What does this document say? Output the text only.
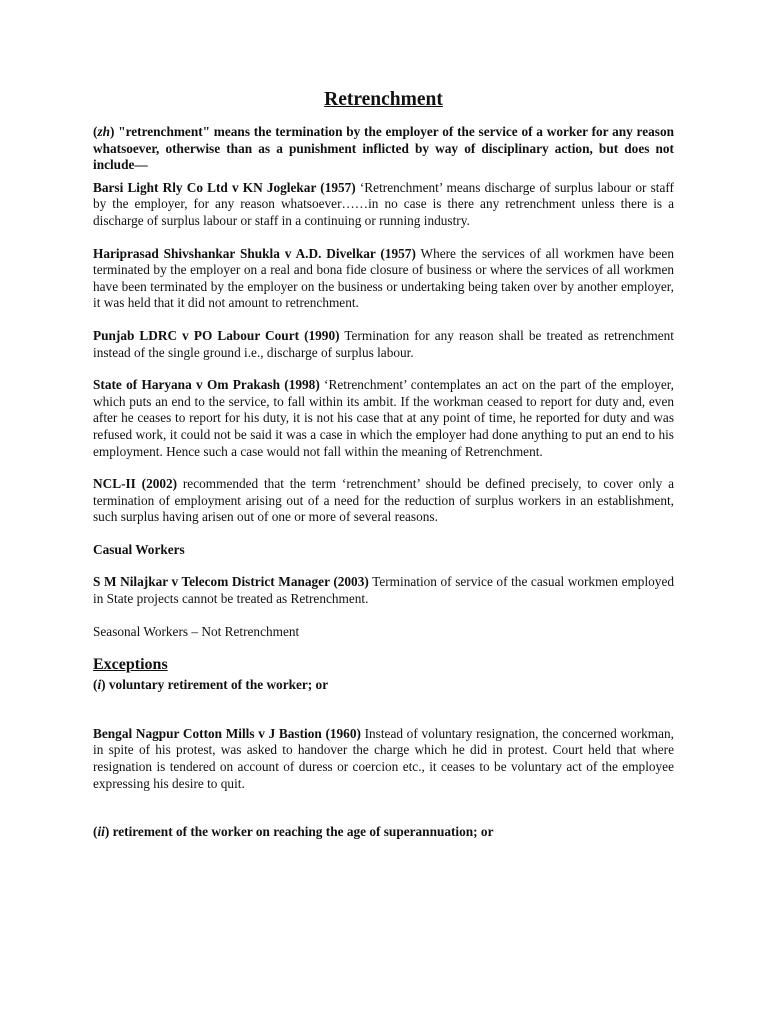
Retrenchment

(zh) "retrenchment" means the termination by the employer of the service of a worker for any reason whatsoever, otherwise than as a punishment inflicted by way of disciplinary action, but does not include—

Barsi Light Rly Co Ltd v KN Joglekar (1957) ‘Retrenchment’ means discharge of surplus labour or staff by the employer, for any reason whatsoever……in no case is there any retrenchment unless there is a discharge of surplus labour or staff in a continuing or running industry.

Hariprasad Shivshankar Shukla v A.D. Divelkar (1957) Where the services of all workmen have been terminated by the employer on a real and bona fide closure of business or where the services of all workmen have been terminated by the employer on the business or undertaking being taken over by another employer, it was held that it did not amount to retrenchment.

Punjab LDRC v PO Labour Court (1990) Termination for any reason shall be treated as retrenchment instead of the single ground i.e., discharge of surplus labour.

State of Haryana v Om Prakash (1998) ‘Retrenchment’ contemplates an act on the part of the employer, which puts an end to the service, to fall within its ambit. If the workman ceased to report for duty and, even after he ceases to report for his duty, it is not his case that at any point of time, he reported for duty and was refused work, it could not be said it was a case in which the employer had done anything to put an end to his employment. Hence such a case would not fall within the meaning of Retrenchment.

NCL-II (2002) recommended that the term ‘retrenchment’ should be defined precisely, to cover only a termination of employment arising out of a need for the reduction of surplus workers in an establishment, such surplus having arisen out of one or more of several reasons.

Casual Workers

S M Nilajkar v Telecom District Manager (2003) Termination of service of the casual workmen employed in State projects cannot be treated as Retrenchment.

Seasonal Workers – Not Retrenchment

Exceptions

(i) voluntary retirement of the worker; or

Bengal Nagpur Cotton Mills v J Bastion (1960) Instead of voluntary resignation, the concerned workman, in spite of his protest, was asked to handover the charge which he did in protest. Court held that where resignation is tendered on account of duress or coercion etc., it ceases to be voluntary act of the employee expressing his desire to quit.

(ii) retirement of the worker on reaching the age of superannuation; or
